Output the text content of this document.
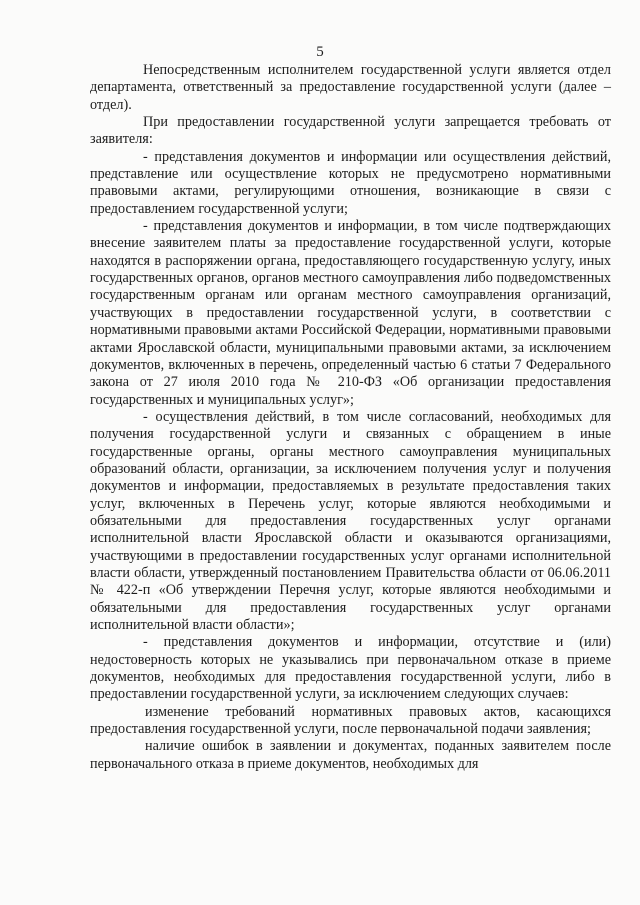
5

Непосредственным исполнителем государственной услуги является отдел департамента, ответственный за предоставление государственной услуги (далее – отдел).

При предоставлении государственной услуги запрещается требовать от заявителя:

- представления документов и информации или осуществления действий, представление или осуществление которых не предусмотрено нормативными правовыми актами, регулирующими отношения, возникающие в связи с предоставлением государственной услуги;

- представления документов и информации, в том числе подтверждающих внесение заявителем платы за предоставление государственной услуги, которые находятся в распоряжении органа, предоставляющего государственную услугу, иных государственных органов, органов местного самоуправления либо подведомственных государственным органам или органам местного самоуправления организаций, участвующих в предоставлении государственной услуги, в соответствии с нормативными правовыми актами Российской Федерации, нормативными правовыми актами Ярославской области, муниципальными правовыми актами, за исключением документов, включенных в перечень, определенный частью 6 статьи 7 Федерального закона от 27 июля 2010 года № 210-ФЗ «Об организации предоставления государственных и муниципальных услуг»;

- осуществления действий, в том числе согласований, необходимых для получения государственной услуги и связанных с обращением в иные государственные органы, органы местного самоуправления муниципальных образований области, организации, за исключением получения услуг и получения документов и информации, предоставляемых в результате предоставления таких услуг, включенных в Перечень услуг, которые являются необходимыми и обязательными для предоставления государственных услуг органами исполнительной власти Ярославской области и оказываются организациями, участвующими в предоставлении государственных услуг органами исполнительной власти области, утвержденный постановлением Правительства области от 06.06.2011 № 422-п «Об утверждении Перечня услуг, которые являются необходимыми и обязательными для предоставления государственных услуг органами исполнительной власти области»;

- представления документов и информации, отсутствие и (или) недостоверность которых не указывались при первоначальном отказе в приеме документов, необходимых для предоставления государственной услуги, либо в предоставлении государственной услуги, за исключением следующих случаев:

изменение требований нормативных правовых актов, касающихся предоставления государственной услуги, после первоначальной подачи заявления;

наличие ошибок в заявлении и документах, поданных заявителем после первоначального отказа в приеме документов, необходимых для
